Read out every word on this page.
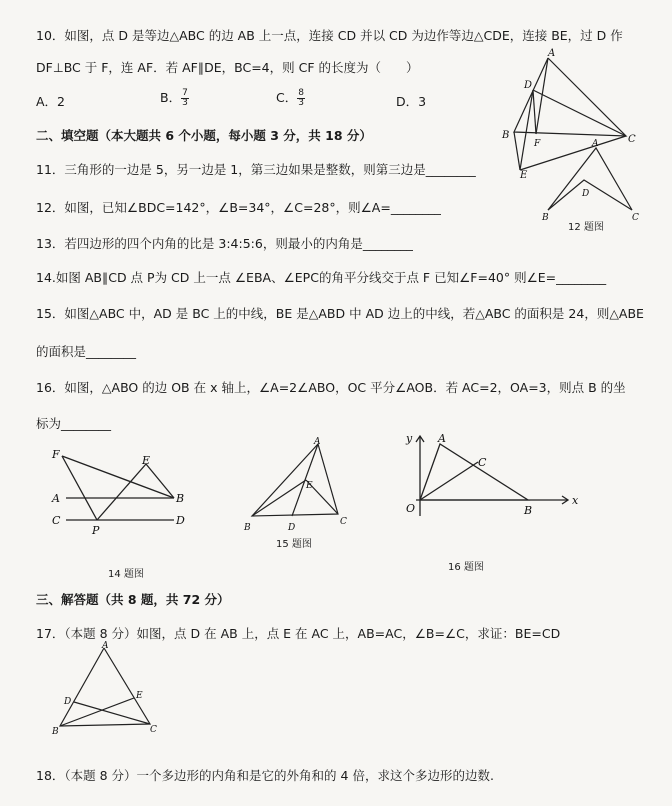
10．如图，点 D 是等边△ABC 的边 AB 上一点，连接 CD 并以 CD 为边作等边△CDE，连接 BE，过 D 作
DF⊥BC 于 F，连 AF．若 AF∥DE，BC=4，则 CF 的长度为（　　）
A．2	B． $\frac{7}{3}$	C． $\frac{8}{3}$	D．3
A
D
B
F	C
E
二、填空题（本大题共 6 个小题，每小题 3 分，共 18 分）
11．三角形的一边是 5，另一边是 1，第三边如果是整数，则第三边是________
12．如图，已知∠BDC=142°，∠B=34°，∠C=28°，则∠A=________
A
D
B	C
12 题图
13．若四边形的四个内角的比是 3:4:5:6，则最小的内角是________
14.如图 AB∥CD 点 P为 CD 上一点 ∠EBA、∠EPC的角平分线交于点 F 已知∠F=40° 则∠E=________
15．如图△ABC 中，AD 是 BC 上的中线，BE 是△ABD 中 AD 边上的中线，若△ABC 的面积是 24，则△ABE
的面积是________
16．如图，△ABO 的边 OB 在 x 轴上，∠A=2∠ABO，OC 平分∠AOB．若 AC=2，OA=3，则点 B 的坐
标为________
F	E
A	B
C
P
D
14 题图
A
E
B	D
C
15 题图
y A
C
O	B
x
16 题图
三、解答题（共 8 题，共 72 分）
17．（本题 8 分）如图，点 D 在 AB 上，点 E 在 AC 上，AB=AC，∠B=∠C，求证：BE=CD
A
D
E
B	C
18．（本题 8 分）一个多边形的内角和是它的外角和的 4 倍，求这个多边形的边数.
